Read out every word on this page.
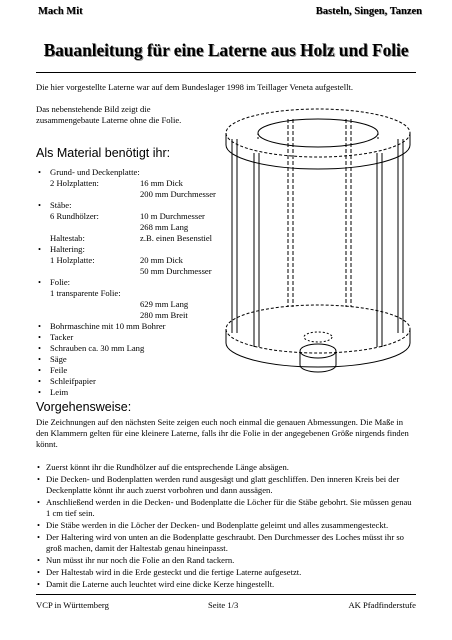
Mach Mit	Basteln, Singen, Tanzen
Bauanleitung für eine Laterne aus Holz und Folie
Die hier vorgestellte Laterne war auf dem Bundeslager 1998 im Teillager Veneta aufgestellt.
Das nebenstehende Bild zeigt die zusammengebaute Laterne ohne die Folie.
Als Material benötigt ihr:
• Grund- und Deckenplatte:
2 Holzplatten:	16 mm Dick
200 mm Durchmesser
• Stäbe:
6 Rundhölzer:	10 m Durchmesser
268 mm Lang
Haltestab:	z.B. einen Besenstiel
• Haltering:
1 Holzplatte:	20 mm Dick
50 mm Durchmesser
• Folie:
1 transparente Folie:
629 mm Lang
280 mm Breit
• Bohrmaschine mit 10 mm Bohrer
• Tacker
• Schrauben ca. 30 mm Lang
• Säge
• Feile
• Schleifpapier
• Leim
Vorgehensweise:
Die Zeichnungen auf den nächsten Seite zeigen euch noch einmal die genauen Abmessungen. Die Maße in den Klammern gelten für eine kleinere Laterne, falls ihr die Folie in der angegebenen Größe nirgends finden könnt.
• Zuerst könnt ihr die Rundhölzer auf die entsprechende Länge absägen.
• Die Decken- und Bodenplatten werden rund ausgesägt und glatt geschliffen. Den inneren Kreis bei der Deckenplatte könnt ihr auch zuerst vorbohren und dann aussägen.
• Anschließend werden in die Decken- und Bodenplatte die Löcher für die Stäbe gebohrt. Sie müssen genau 1 cm tief sein.
• Die Stäbe werden in die Löcher der Decken- und Bodenplatte geleimt und alles zusammengesteckt.
• Der Haltering wird von unten an die Bodenplatte geschraubt. Den Durchmesser des Loches müsst ihr so groß machen, damit der Haltestab genau hineinpasst.
• Nun müsst ihr nur noch die Folie an den Rand tackern.
• Der Haltestab wird in die Erde gesteckt und die fertige Laterne aufgesetzt.
• Damit die Laterne auch leuchtet wird eine dicke Kerze hingestellt.
VCP in Württemberg	Seite 1/3	AK Pfadfinderstufe
